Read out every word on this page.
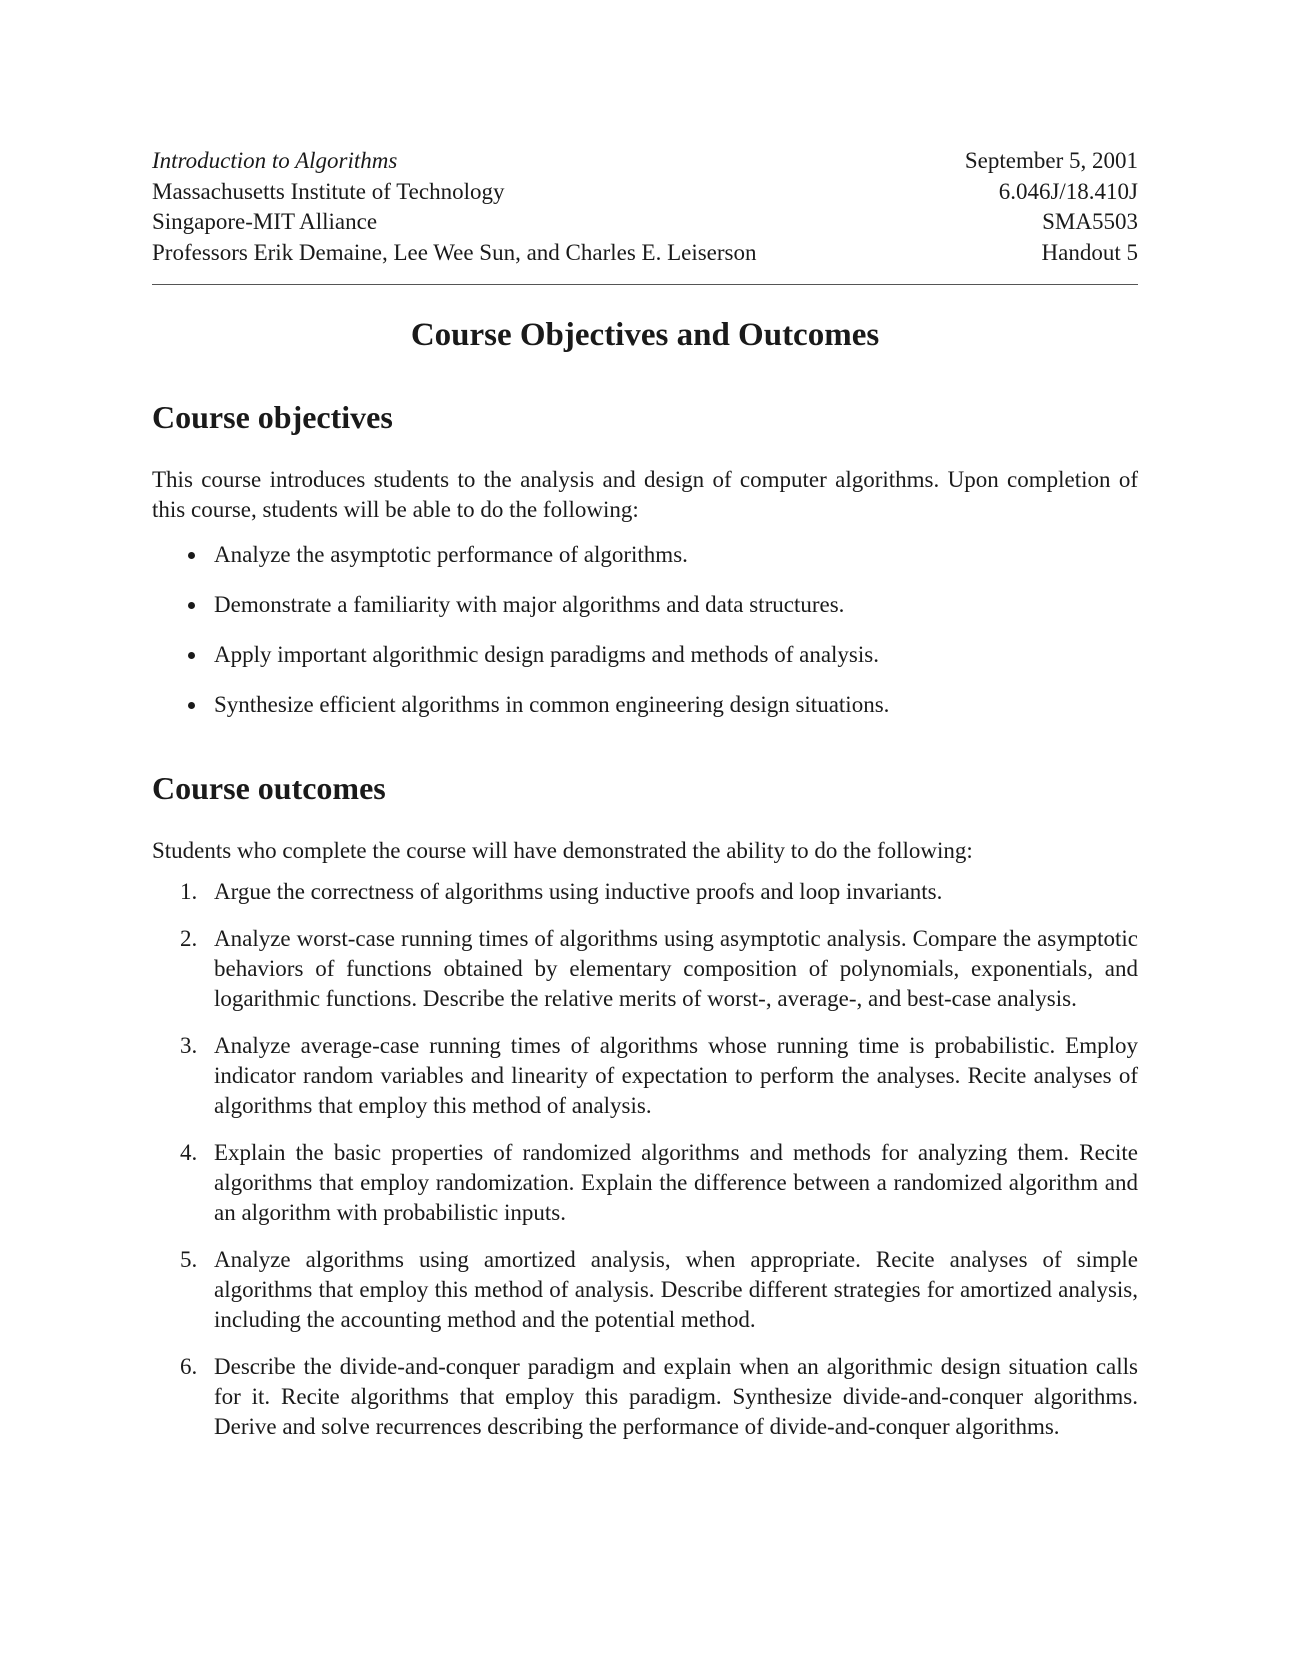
Introduction to Algorithms
Massachusetts Institute of Technology
Singapore-MIT Alliance
Professors Erik Demaine, Lee Wee Sun, and Charles E. Leiserson
September 5, 2001
6.046J/18.410J
SMA5503
Handout 5
Course Objectives and Outcomes
Course objectives

This course introduces students to the analysis and design of computer algorithms. Upon completion of this course, students will be able to do the following:

Analyze the asymptotic performance of algorithms.
Demonstrate a familiarity with major algorithms and data structures.
Apply important algorithmic design paradigms and methods of analysis.
Synthesize efficient algorithms in common engineering design situations.
Course outcomes

Students who complete the course will have demonstrated the ability to do the following:

1. Argue the correctness of algorithms using inductive proofs and loop invariants.
2. Analyze worst-case running times of algorithms using asymptotic analysis. Compare the asymptotic behaviors of functions obtained by elementary composition of polynomials, exponentials, and logarithmic functions. Describe the relative merits of worst-, average-, and best-case analysis.
3. Analyze average-case running times of algorithms whose running time is probabilistic. Employ indicator random variables and linearity of expectation to perform the analyses. Recite analyses of algorithms that employ this method of analysis.
4. Explain the basic properties of randomized algorithms and methods for analyzing them. Recite algorithms that employ randomization. Explain the difference between a randomized algorithm and an algorithm with probabilistic inputs.
5. Analyze algorithms using amortized analysis, when appropriate. Recite analyses of simple algorithms that employ this method of analysis. Describe different strategies for amortized analysis, including the accounting method and the potential method.
6. Describe the divide-and-conquer paradigm and explain when an algorithmic design situation calls for it. Recite algorithms that employ this paradigm. Synthesize divide-and-conquer algorithms. Derive and solve recurrences describing the performance of divide-and-conquer algorithms.
